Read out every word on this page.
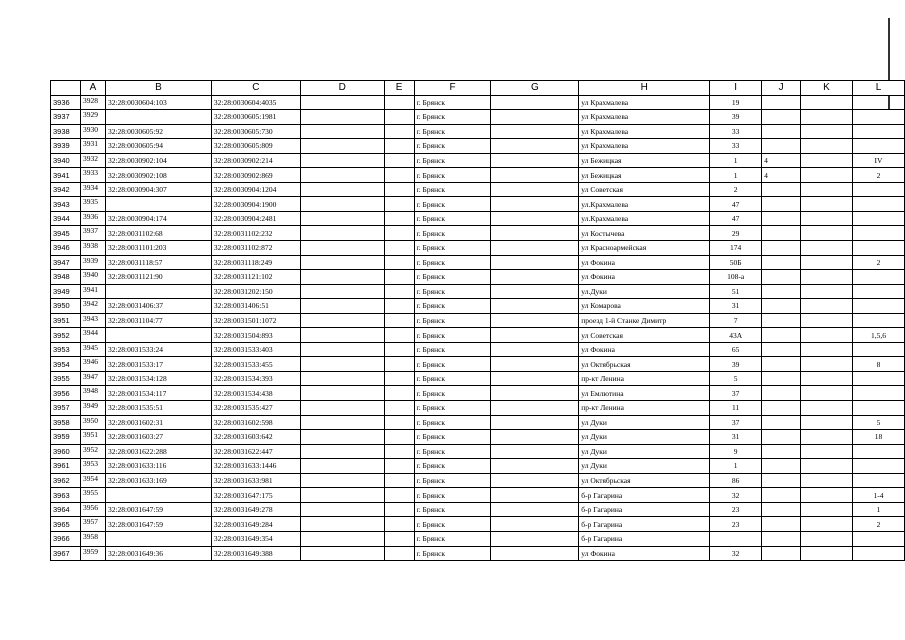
	A	B	C	D	E	F	G	H	I	J	K	L
3936	3928	32:28:0030604:103	32:28:0030604:4035			г. Брянск		ул Крахмалева	19			
3937	3929		32:28:0030605:1981			г. Брянск		ул Крахмалева	39			
3938	3930	32:28:0030605:92	32:28:0030605:730			г. Брянск		ул Крахмалева	33			
3939	3931	32:28:0030605:94	32:28:0030605:809			г. Брянск		ул Крахмалева	33			
3940	3932	32:28:0030902:104	32:28:0030902:214			г. Брянск		ул Бежицкая	1	4		IV
3941	3933	32:28:0030902:108	32:28:0030902:869			г. Брянск		ул Бежицкая	1	4		2
3942	3934	32:28:0030904:307	32:28:0030904:1204			г. Брянск		ул Советская	2			
3943	3935		32:28:0030904:1900			г. Брянск		ул.Крахмалева	47			
3944	3936	32:28:0030904:174	32:28:0030904:2481			г. Брянск		ул.Крахмалева	47			
3945	3937	32:28:0031102:68	32:28:0031102:232			г. Брянск		ул Костычева	29			
3946	3938	32:28:0031101:203	32:28:0031102:872			г. Брянск		ул Красноармейская	174			
3947	3939	32:28:0031118:57	32:28:0031118:249			г. Брянск		ул Фокина	50Б			2
3948	3940	32:28:0031121:90	32:28:0031121:102			г. Брянск		ул Фокина	108-а			
3949	3941		32:28:0031202:150			г. Брянск		ул.Дуки	51			
3950	3942	32:28:0031406:37	32:28:0031406:51			г. Брянск		ул Комарова	31			
3951	3943	32:28:0031104:77	32:28:0031501:1072			г. Брянск		проезд 1-й Станке Димитр	7			
3952	3944		32:28:0031504:893			г. Брянск		ул Советская	43А			1,5,6
3953	3945	32:28:0031533:24	32:28:0031533:403			г. Брянск		ул Фокина	65			
3954	3946	32:28:0031533:17	32:28:0031533:455			г. Брянск		ул Октябрьская	39			8
3955	3947	32:28:0031534:128	32:28:0031534:393			г. Брянск		пр-кт Ленина	5			
3956	3948	32:28:0031534:117	32:28:0031534:438			г. Брянск		ул Емлютина	37			
3957	3949	32:28:0031535:51	32:28:0031535:427			г. Брянск		пр-кт Ленина	11			
3958	3950	32:28:0031602:31	32:28:0031602:598			г. Брянск		ул Дуки	37			5
3959	3951	32:28:0031603:27	32:28:0031603:642			г. Брянск		ул Дуки	31			18
3960	3952	32:28:0031622:288	32:28:0031622:447			г. Брянск		ул Дуки	9			
3961	3953	32:28:0031633:116	32:28:0031633:1446			г. Брянск		ул Дуки	1			
3962	3954	32:28:0031633:169	32:28:0031633:981			г. Брянск		ул Октябрьская	86			
3963	3955		32:28:0031647:175			г. Брянск		б-р Гагарина	32			1-4
3964	3956	32:28:0031647:59	32:28:0031649:278			г. Брянск		б-р Гагарина	23			1
3965	3957	32:28:0031647:59	32:28:0031649:284			г. Брянск		б-р Гагарина	23			2
3966	3958		32:28:0031649:354			г. Брянск		б-р Гагарина				
3967	3959	32:28:0031649:36	32:28:0031649:388			г. Брянск		ул Фокина	32			
